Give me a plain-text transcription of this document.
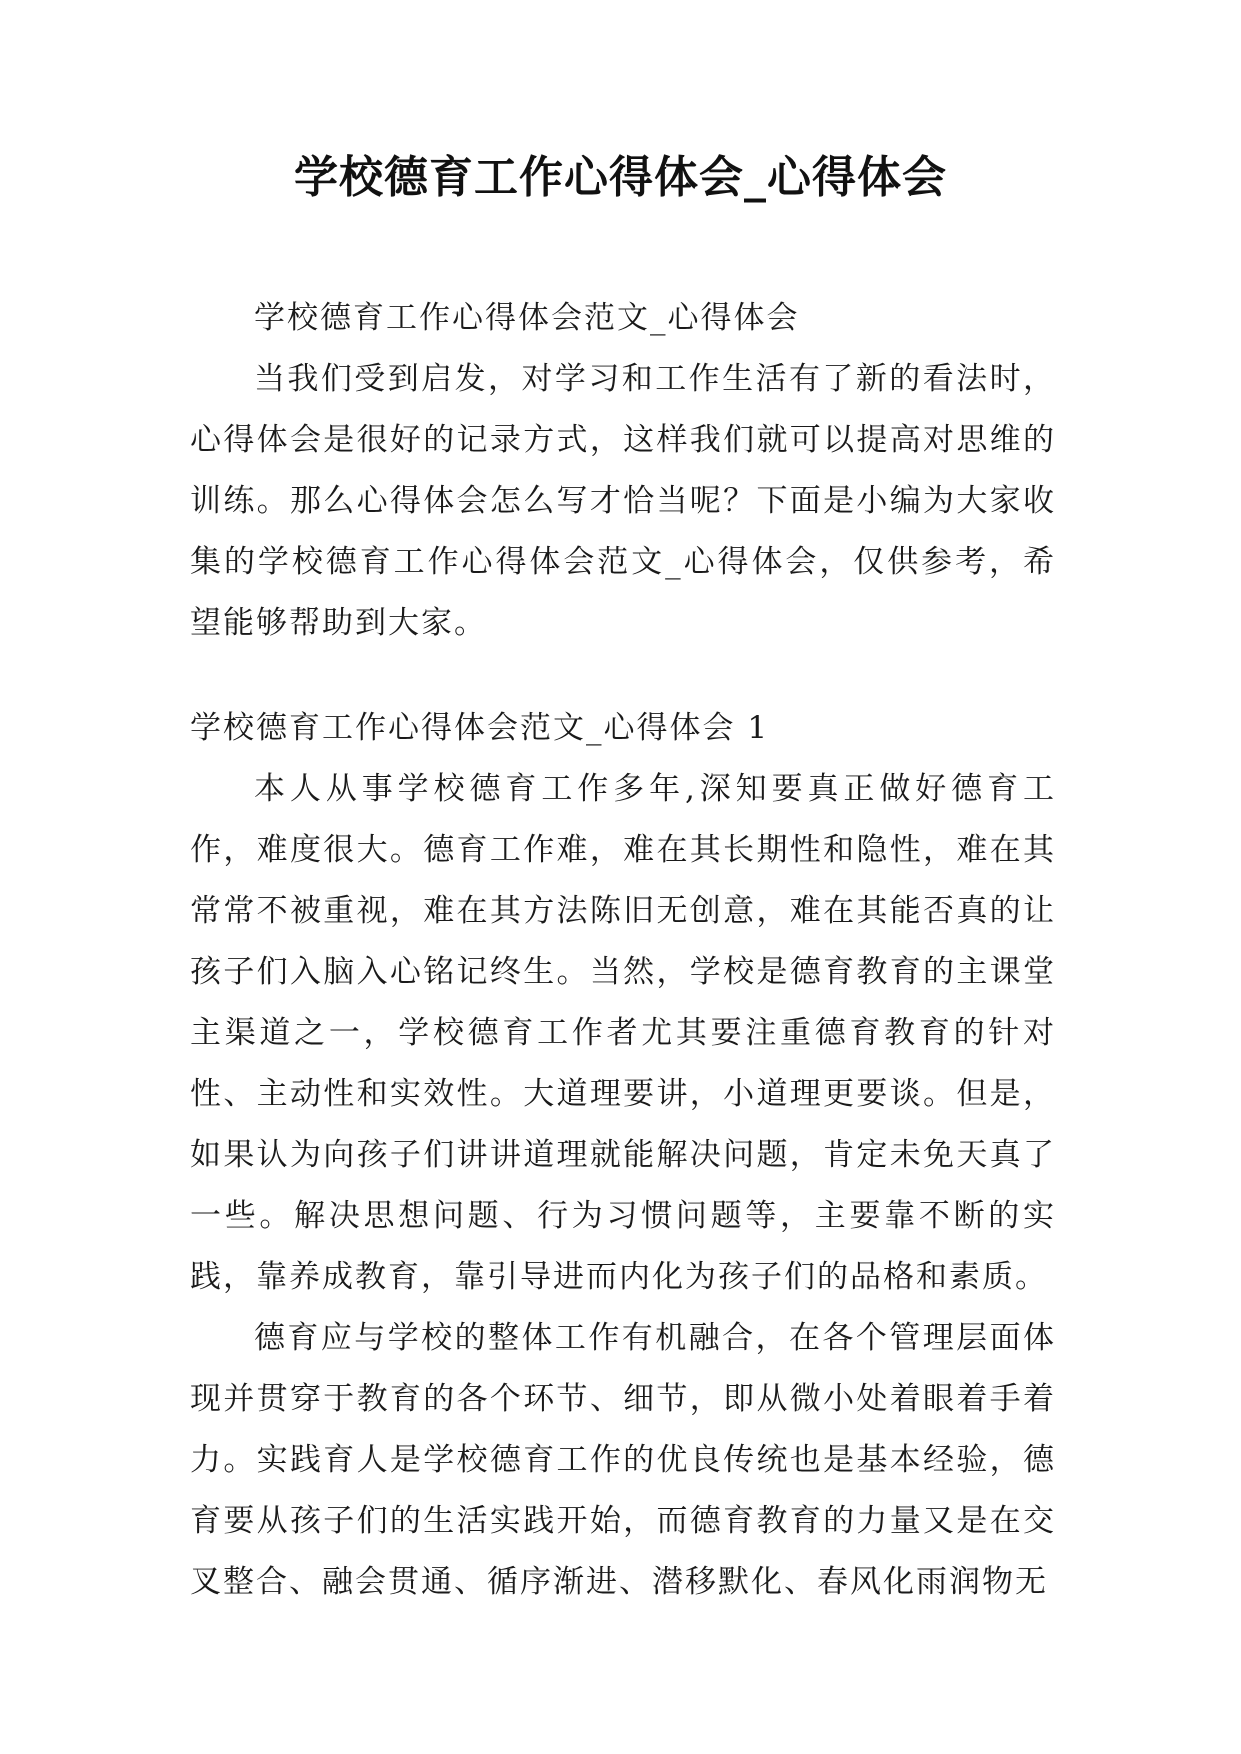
学校德育工作心得体会_心得体会

学校德育工作心得体会范文_心得体会

当我们受到启发，对学习和工作生活有了新的看法时，心得体会是很好的记录方式，这样我们就可以提高对思维的训练。那么心得体会怎么写才恰当呢？下面是小编为大家收集的学校德育工作心得体会范文_心得体会，仅供参考，希望能够帮助到大家。

学校德育工作心得体会范文_心得体会 1

本人从事学校德育工作多年,深知要真正做好德育工作，难度很大。德育工作难，难在其长期性和隐性，难在其常常不被重视，难在其方法陈旧无创意，难在其能否真的让孩子们入脑入心铭记终生。当然，学校是德育教育的主课堂主渠道之一，学校德育工作者尤其要注重德育教育的针对性、主动性和实效性。大道理要讲，小道理更要谈。但是，如果认为向孩子们讲讲道理就能解决问题，肯定未免天真了一些。解决思想问题、行为习惯问题等，主要靠不断的实践，靠养成教育，靠引导进而内化为孩子们的品格和素质。

德育应与学校的整体工作有机融合，在各个管理层面体现并贯穿于教育的各个环节、细节，即从微小处着眼着手着力。实践育人是学校德育工作的优良传统也是基本经验，德育要从孩子们的生活实践开始，而德育教育的力量又是在交叉整合、融会贯通、循序渐进、潜移默化、春风化雨润物无
